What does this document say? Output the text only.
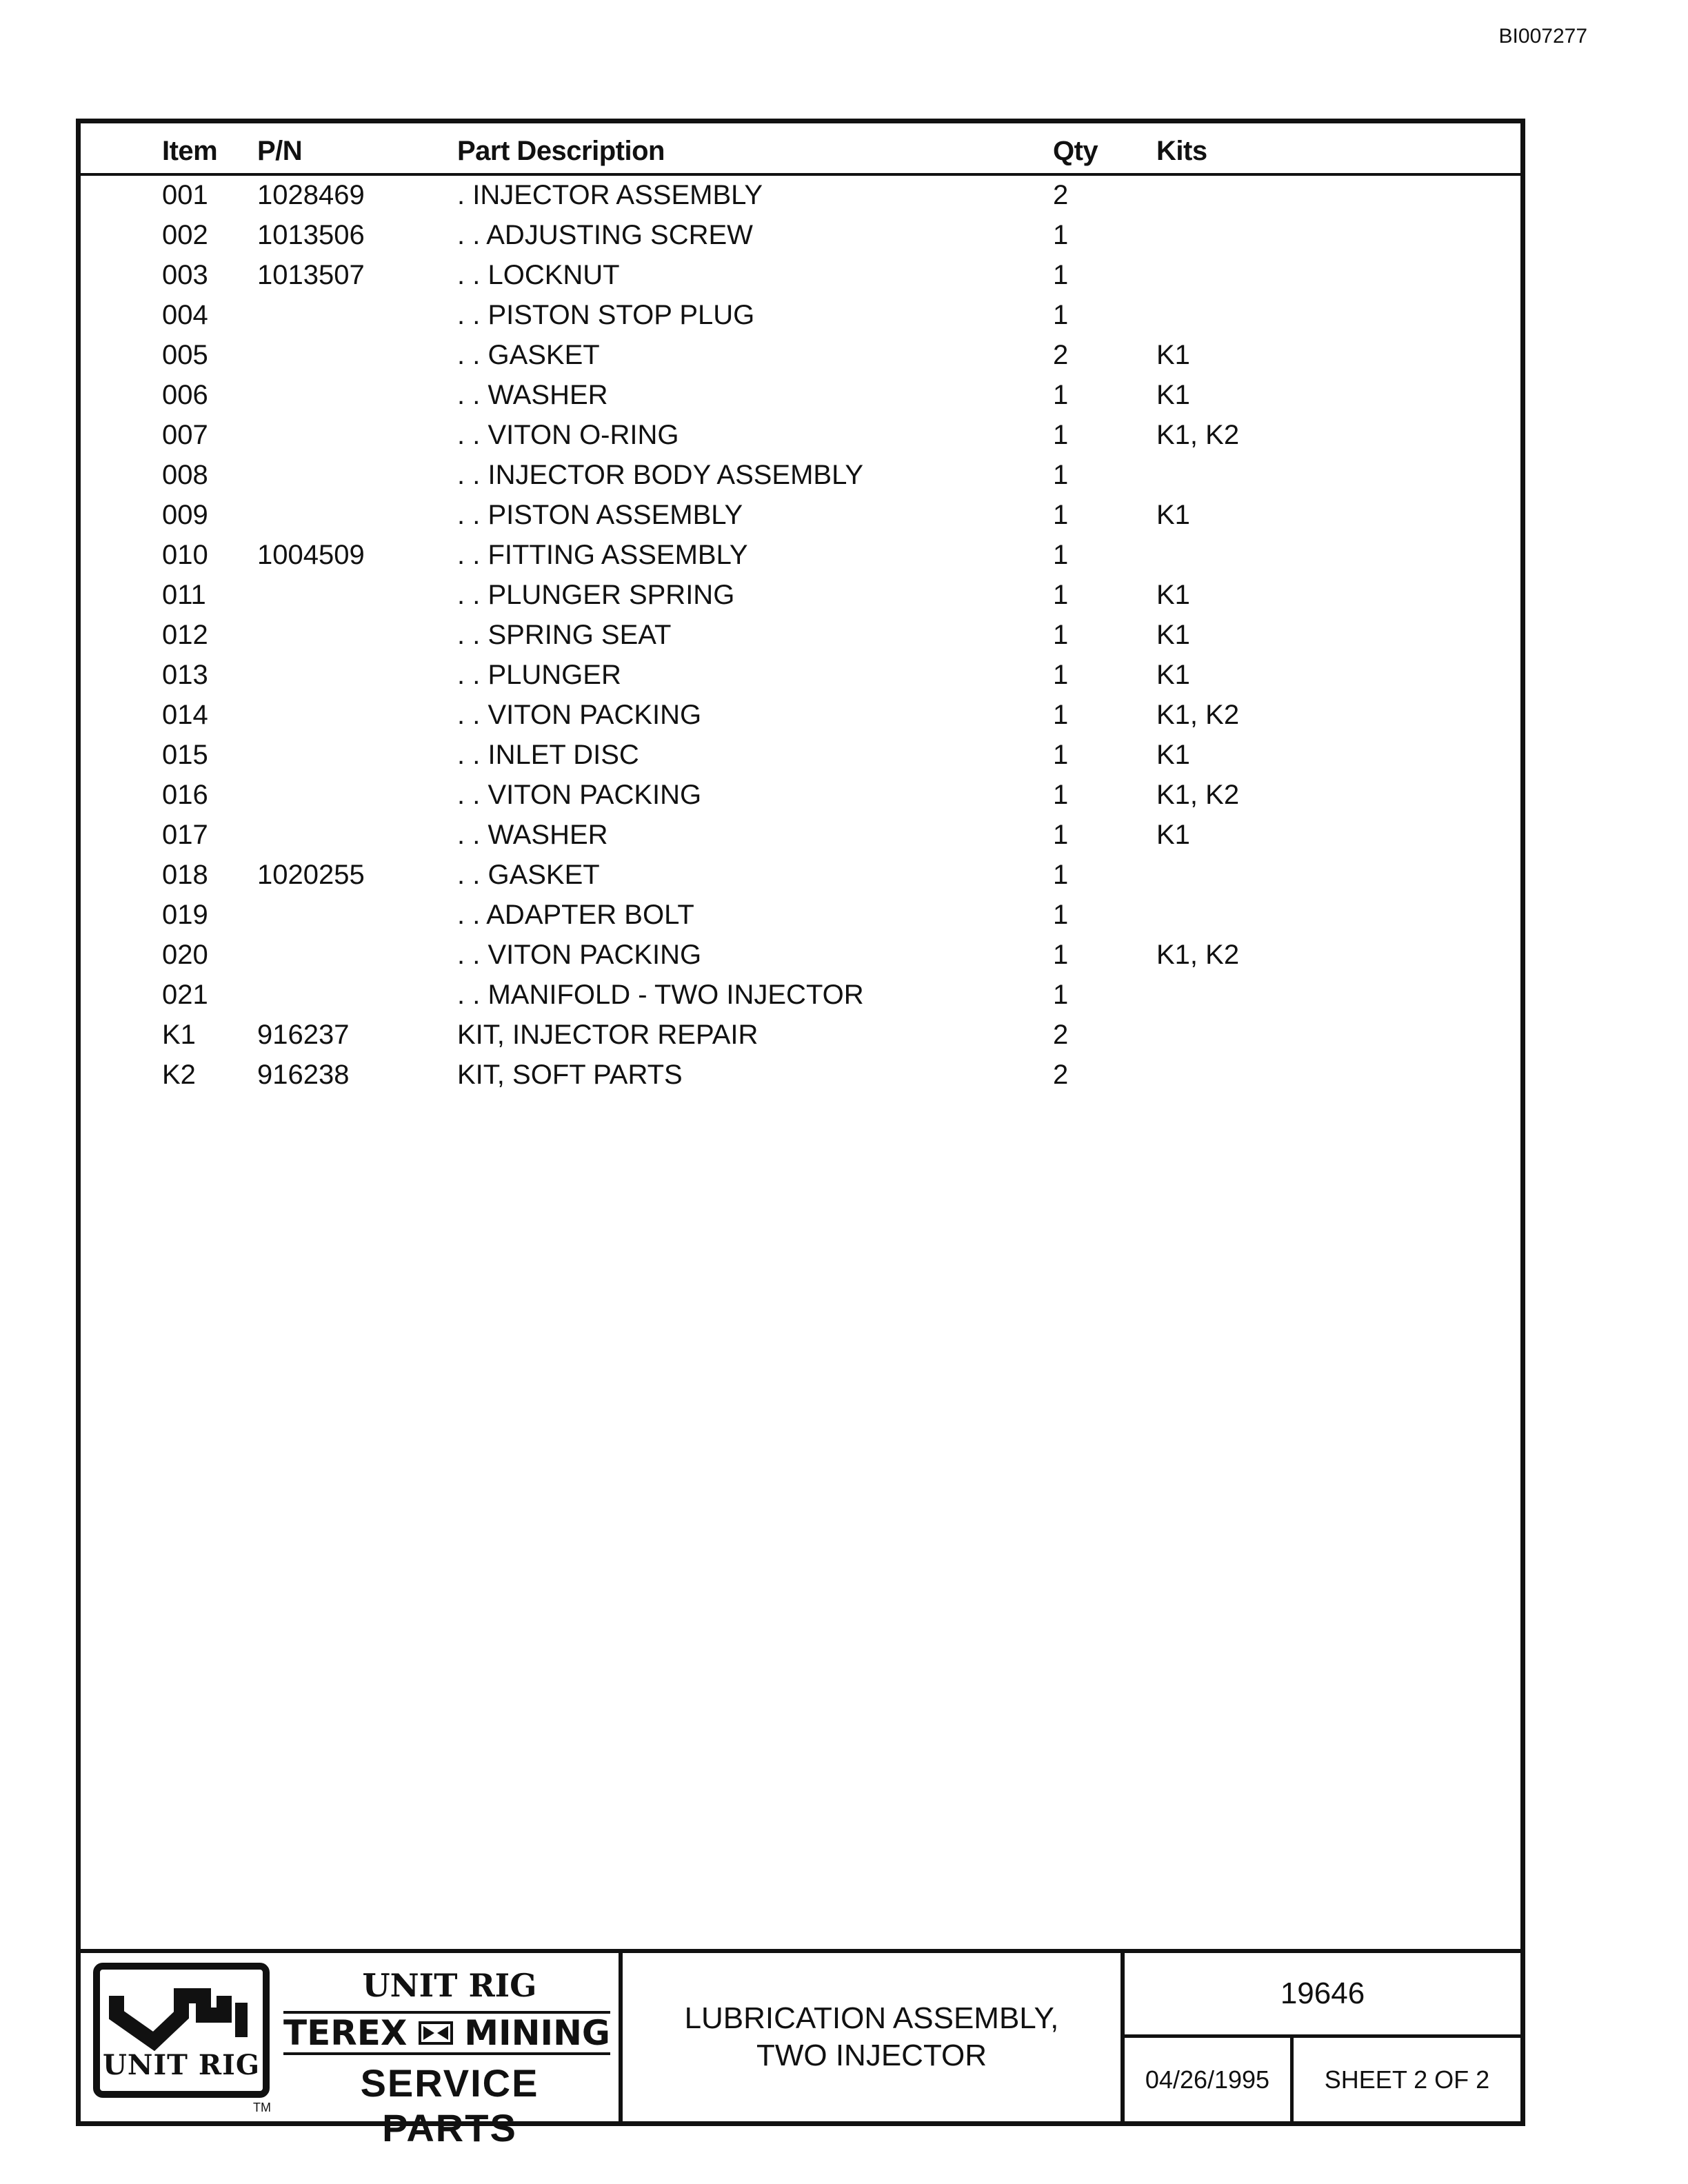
BI007277
Item P/N	Part Description	Qty Kits
001 1028469	. INJECTOR ASSEMBLY	2
002 1013506	. . ADJUSTING SCREW	1
003 1013507	. . LOCKNUT	1
004	. . PISTON STOP PLUG	1
005	. . GASKET	2	K1
006	. . WASHER	1	K1
007	. . VITON O-RING	1	K1, K2
008	. . INJECTOR BODY ASSEMBLY	1
009	. . PISTON ASSEMBLY	1	K1
010 1004509	. . FITTING ASSEMBLY	1
011	. . PLUNGER SPRING	1	K1
012	. . SPRING SEAT	1	K1
013	. . PLUNGER	1	K1
014	. . VITON PACKING	1	K1, K2
015	. . INLET DISC	1	K1
016	. . VITON PACKING	1	K1, K2
017	. . WASHER	1	K1
018 1020255	. . GASKET	1
019	. . ADAPTER BOLT	1
020	. . VITON PACKING	1	K1, K2
021	. . MANIFOLD - TWO INJECTOR	1
K1 916237	KIT, INJECTOR REPAIR	2
K2 916238	KIT, SOFT PARTS	2
UNIT RIG
TM
UNIT RIG
TEREX MINING
SERVICE PARTS
LUBRICATION ASSEMBLY,
TWO INJECTOR
19646
04/26/1995	SHEET 2 OF 2
